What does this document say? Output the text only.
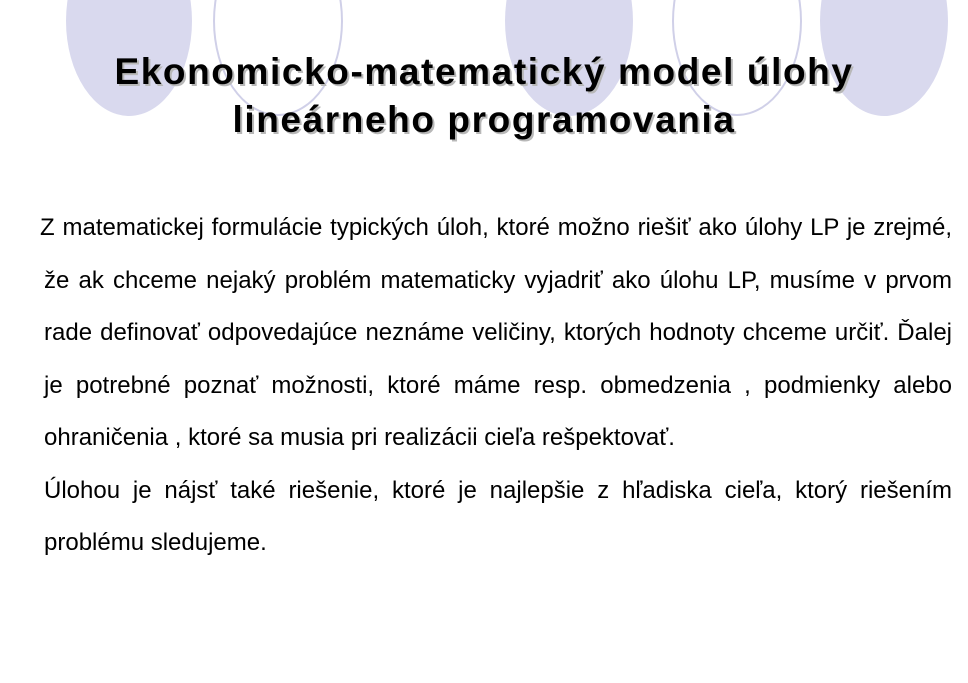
Ekonomicko-matematický model úlohy
lineárneho programovania

Z matematickej formulácie typických úloh, ktoré možno riešiť ako úlohy LP je zrejmé, že ak chceme nejaký problém matematicky vyjadriť ako úlohu LP, musíme v prvom rade definovať odpovedajúce neznáme veličiny, ktorých hodnoty chceme určiť. Ďalej je potrebné poznať možnosti, ktoré máme resp. obmedzenia , podmienky alebo ohraničenia , ktoré sa musia pri realizácii cieľa rešpektovať.

Úlohou je nájsť také riešenie, ktoré je najlepšie z hľadiska cieľa, ktorý riešením problému sledujeme.
